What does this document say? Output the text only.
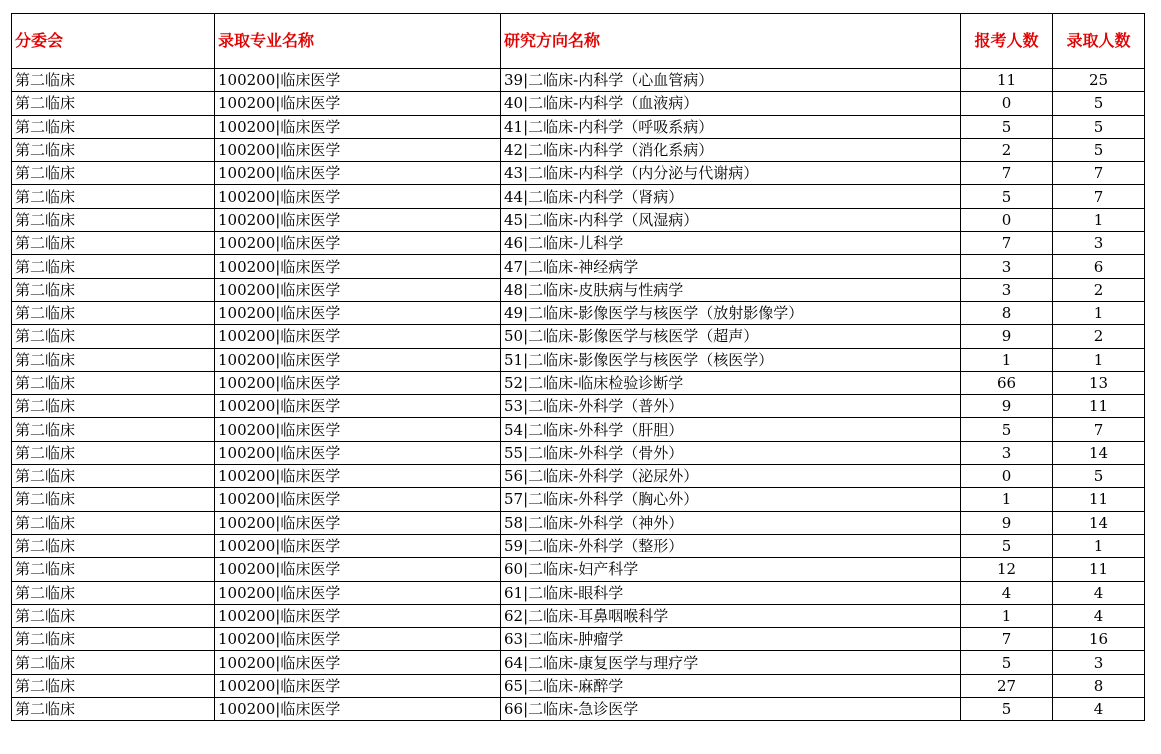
分委会	录取专业名称	研究方向名称	报考人数	录取人数
第二临床	100200|临床医学	39|二临床-内科学（心血管病）	11	25
第二临床	100200|临床医学	40|二临床-内科学（血液病）	0	5
第二临床	100200|临床医学	41|二临床-内科学（呼吸系病）	5	5
第二临床	100200|临床医学	42|二临床-内科学（消化系病）	2	5
第二临床	100200|临床医学	43|二临床-内科学（内分泌与代谢病）	7	7
第二临床	100200|临床医学	44|二临床-内科学（肾病）	5	7
第二临床	100200|临床医学	45|二临床-内科学（风湿病）	0	1
第二临床	100200|临床医学	46|二临床-儿科学	7	3
第二临床	100200|临床医学	47|二临床-神经病学	3	6
第二临床	100200|临床医学	48|二临床-皮肤病与性病学	3	2
第二临床	100200|临床医学	49|二临床-影像医学与核医学（放射影像学）	8	1
第二临床	100200|临床医学	50|二临床-影像医学与核医学（超声）	9	2
第二临床	100200|临床医学	51|二临床-影像医学与核医学（核医学）	1	1
第二临床	100200|临床医学	52|二临床-临床检验诊断学	66	13
第二临床	100200|临床医学	53|二临床-外科学（普外）	9	11
第二临床	100200|临床医学	54|二临床-外科学（肝胆）	5	7
第二临床	100200|临床医学	55|二临床-外科学（骨外）	3	14
第二临床	100200|临床医学	56|二临床-外科学（泌尿外）	0	5
第二临床	100200|临床医学	57|二临床-外科学（胸心外）	1	11
第二临床	100200|临床医学	58|二临床-外科学（神外）	9	14
第二临床	100200|临床医学	59|二临床-外科学（整形）	5	1
第二临床	100200|临床医学	60|二临床-妇产科学	12	11
第二临床	100200|临床医学	61|二临床-眼科学	4	4
第二临床	100200|临床医学	62|二临床-耳鼻咽喉科学	1	4
第二临床	100200|临床医学	63|二临床-肿瘤学	7	16
第二临床	100200|临床医学	64|二临床-康复医学与理疗学	5	3
第二临床	100200|临床医学	65|二临床-麻醉学	27	8
第二临床	100200|临床医学	66|二临床-急诊医学	5	4
